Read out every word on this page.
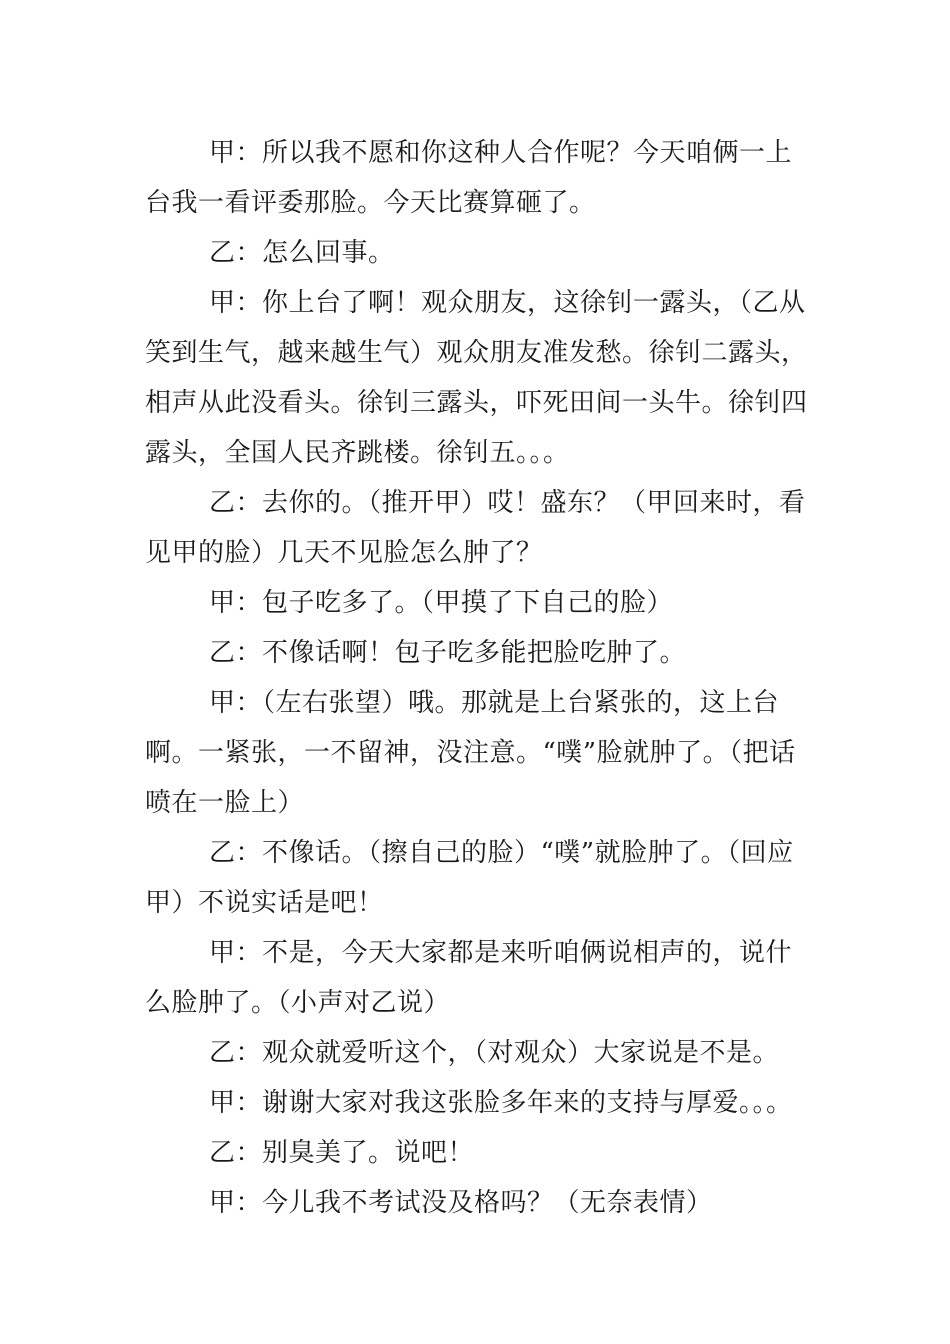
甲：所以我不愿和你这种人合作呢？今天咱俩一上台我一看评委那脸。今天比赛算砸了。

乙：怎么回事。

甲：你上台了啊！观众朋友，这徐钊一露头，（乙从笑到生气，越来越生气）观众朋友准发愁。徐钊二露头，相声从此没看头。徐钊三露头，吓死田间一头牛。徐钊四露头，全国人民齐跳楼。徐钊五。。。

乙：去你的。（推开甲）哎！盛东？（甲回来时，看见甲的脸）几天不见脸怎么肿了？

甲：包子吃多了。（甲摸了下自己的脸）

乙：不像话啊！包子吃多能把脸吃肿了。

甲：（左右张望）哦。那就是上台紧张的，这上台啊。一紧张，一不留神，没注意。“噗”脸就肿了。（把话喷在一脸上）

乙：不像话。（擦自己的脸）“噗”就脸肿了。（回应甲）不说实话是吧！

甲：不是，今天大家都是来听咱俩说相声的，说什么脸肿了。（小声对乙说）

乙：观众就爱听这个，（对观众）大家说是不是。

甲：谢谢大家对我这张脸多年来的支持与厚爱。。。

乙：别臭美了。说吧！

甲：今儿我不考试没及格吗？（无奈表情）
